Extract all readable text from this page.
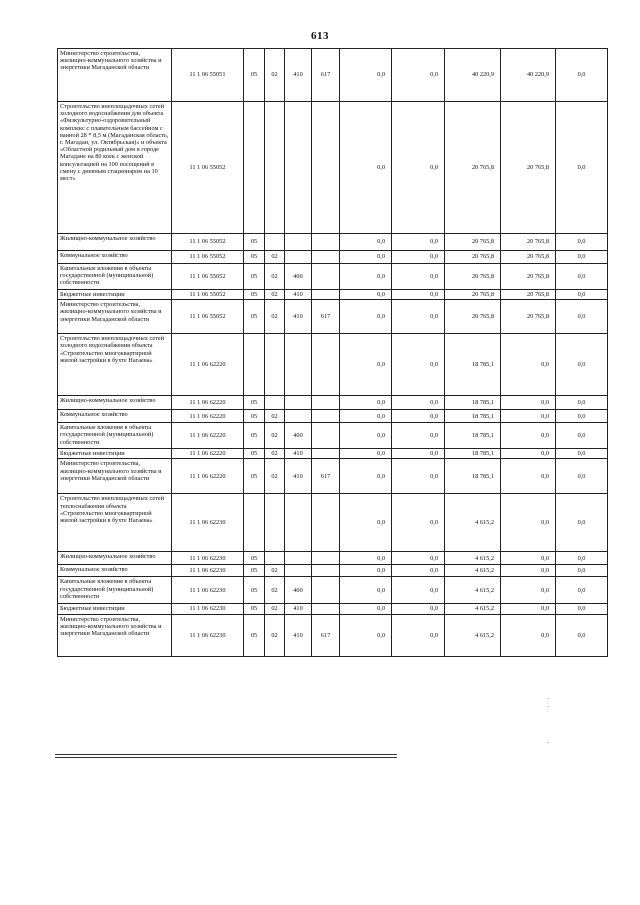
613
Министерство строительства, жилищно-коммунального хозяйства и энергетики Магаданской области	11 1 06 55051	05	02	410	617	0,0	0,0	40 220,9	40 220,9	0,0
Строительство внеплощадочных сетей холодного водоснабжения для объекта «Физкультурно-оздоровительный комплекс с плавательным бассейном с ванной 28 * 8,5 м (Магаданская область, г. Магадан, ул. Октябрьская)» и объекта «Областной родильный дом в городе Магадане на 80 коек с женской консультацией на 100 посещений в смену с дневным стационаром на 10 мест»	11 1 06 55052					0,0	0,0	20 765,8	20 765,8	0,0
Жилищно-коммунальное хозяйство	11 1 06 55052	05				0,0	0,0	20 765,8	20 765,8	0,0
Коммунальное хозяйство	11 1 06 55052	05	02			0,0	0,0	20 765,8	20 765,8	0,0
Капитальные вложения в объекты государственной (муниципальной) собственности	11 1 06 55052	05	02	400		0,0	0,0	20 765,8	20 765,8	0,0
Бюджетные инвестиции	11 1 06 55052	05	02	410		0,0	0,0	20 765,8	20 765,8	0,0
Министерство строительства, жилищно-коммунального хозяйства и энергетики Магаданской области	11 1 06 55052	05	02	410	617	0,0	0,0	20 765,8	20 765,8	0,0
Строительство внеплощадочных сетей холодного водоснабжения объекта «Строительство многоквартирной жилой застройки в бухте Нагаева»	11 1 06 62220					0,0	0,0	18 785,1	0,0	0,0
Жилищно-коммунальное хозяйство	11 1 06 62220	05				0,0	0,0	18 785,1	0,0	0,0
Коммунальное хозяйство	11 1 06 62220	05	02			0,0	0,0	18 785,1	0,0	0,0
Капитальные вложения в объекты государственной (муниципальной) собственности	11 1 06 62220	05	02	400		0,0	0,0	18 785,1	0,0	0,0
Бюджетные инвестиции	11 1 06 62220	05	02	410		0,0	0,0	18 785,1	0,0	0,0
Министерство строительства, жилищно-коммунального хозяйства и энергетики Магаданской области	11 1 06 62220	05	02	410	617	0,0	0,0	18 785,1	0,0	0,0
Строительство внеплощадочных сетей теплоснабжения объекта «Строительство многоквартирной жилой застройки в бухте Нагаева»	11 1 06 62230					0,0	0,0	4 615,2	0,0	0,0
Жилищно-коммунальное хозяйство	11 1 06 62230	05				0,0	0,0	4 615,2	0,0	0,0
Коммунальное хозяйство	11 1 06 62230	05	02			0,0	0,0	4 615,2	0,0	0,0
Капитальные вложения в объекты государственной (муниципальной) собственности	11 1 06 62230	05	02	400		0,0	0,0	4 615,2	0,0	0,0
Бюджетные инвестиции	11 1 06 62230	05	02	410		0,0	0,0	4 615,2	0,0	0,0
Министерство строительства, жилищно-коммунального хозяйства и энергетики Магаданской области	11 1 06 62230	05	02	410	617	0,0	0,0	4 615,2	0,0	0,0
